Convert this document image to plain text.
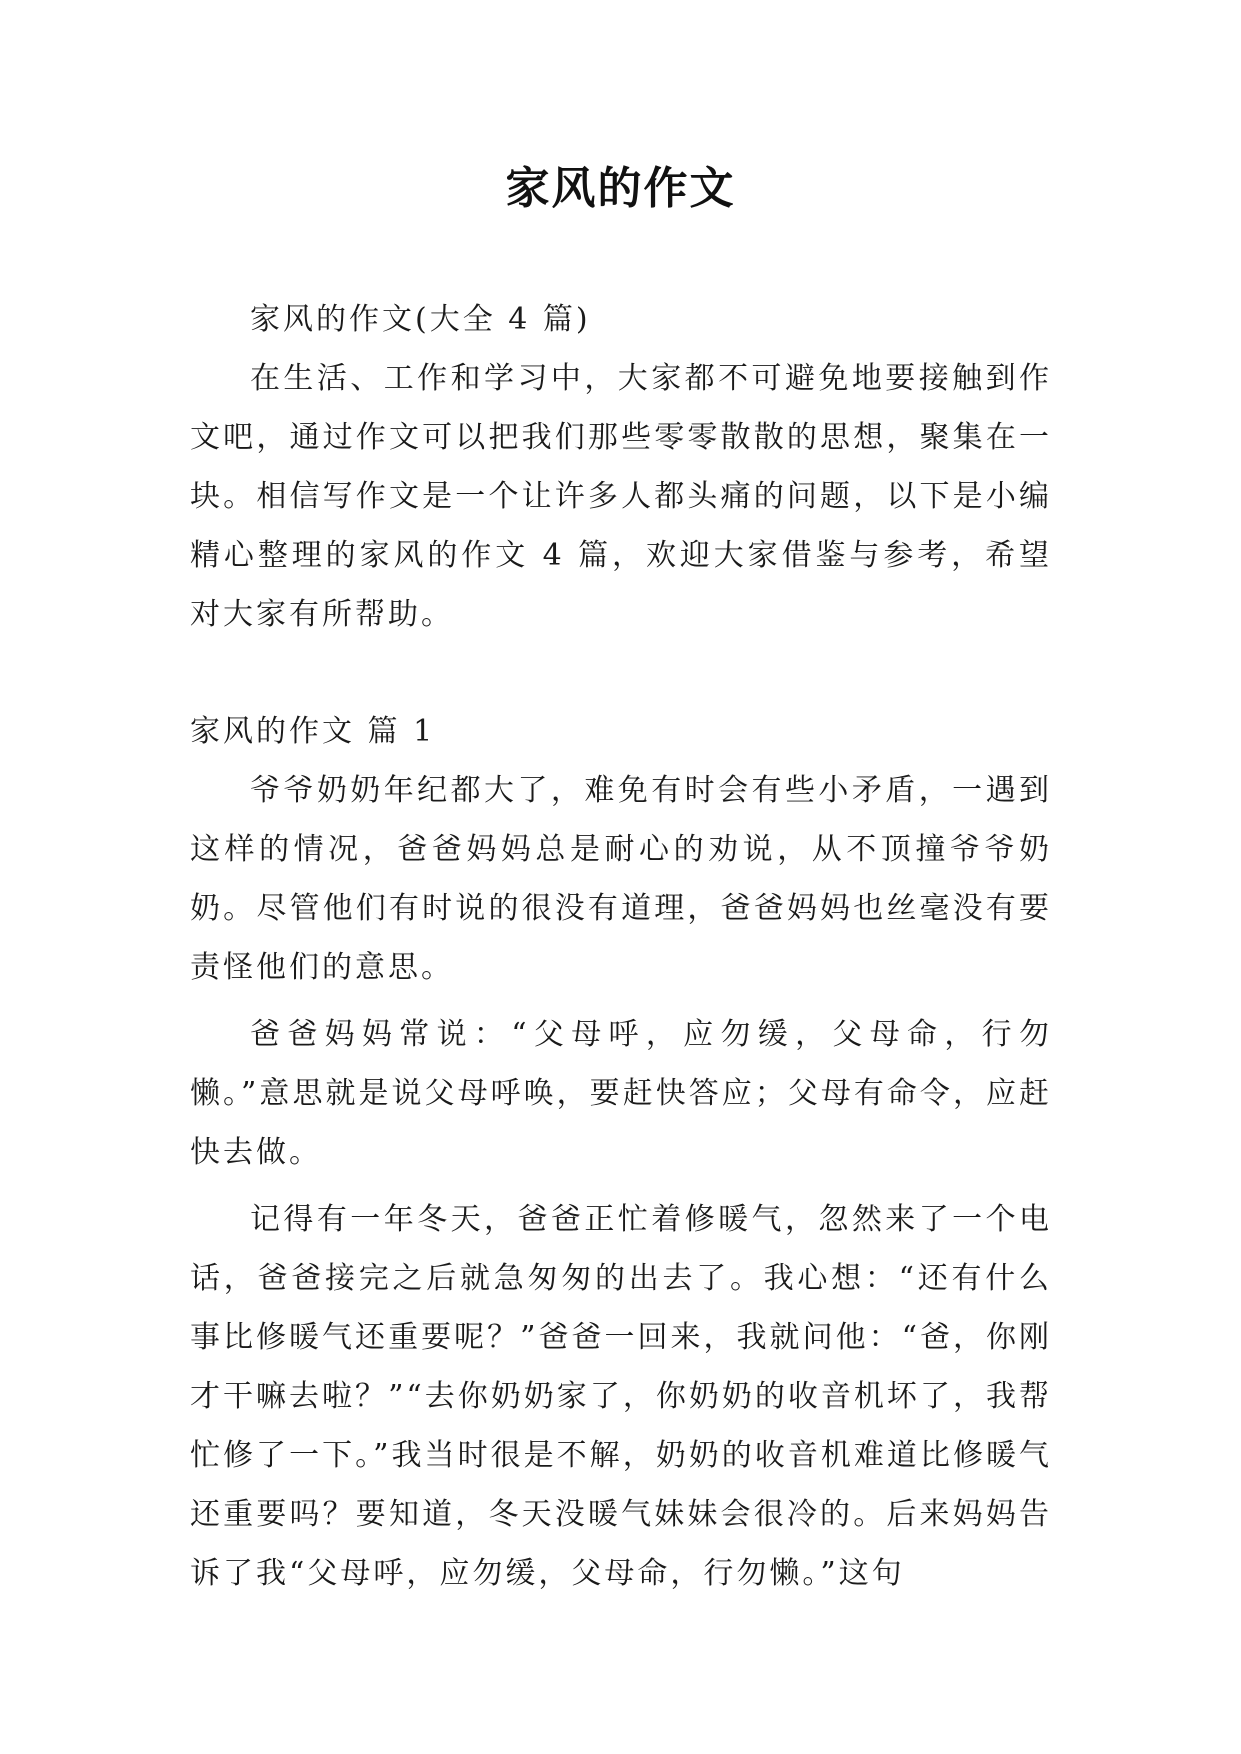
家风的作文

家风的作文(大全 4 篇)

在生活、工作和学习中，大家都不可避免地要接触到作文吧，通过作文可以把我们那些零零散散的思想，聚集在一块。相信写作文是一个让许多人都头痛的问题，以下是小编精心整理的家风的作文 4 篇，欢迎大家借鉴与参考，希望对大家有所帮助。

家风的作文 篇 1

爷爷奶奶年纪都大了，难免有时会有些小矛盾，一遇到这样的情况，爸爸妈妈总是耐心的劝说，从不顶撞爷爷奶奶。尽管他们有时说的很没有道理，爸爸妈妈也丝毫没有要责怪他们的意思。

爸爸妈妈常说：“父母呼，应勿缓，父母命，行勿懒。”意思就是说父母呼唤，要赶快答应；父母有命令，应赶快去做。

记得有一年冬天，爸爸正忙着修暖气，忽然来了一个电话，爸爸接完之后就急匆匆的出去了。我心想：“还有什么事比修暖气还重要呢？”爸爸一回来，我就问他：“爸，你刚才干嘛去啦？”“去你奶奶家了，你奶奶的收音机坏了，我帮忙修了一下。”我当时很是不解，奶奶的收音机难道比修暖气还重要吗？要知道，冬天没暖气妹妹会很冷的。后来妈妈告诉了我“父母呼，应勿缓，父母命，行勿懒。”这句
